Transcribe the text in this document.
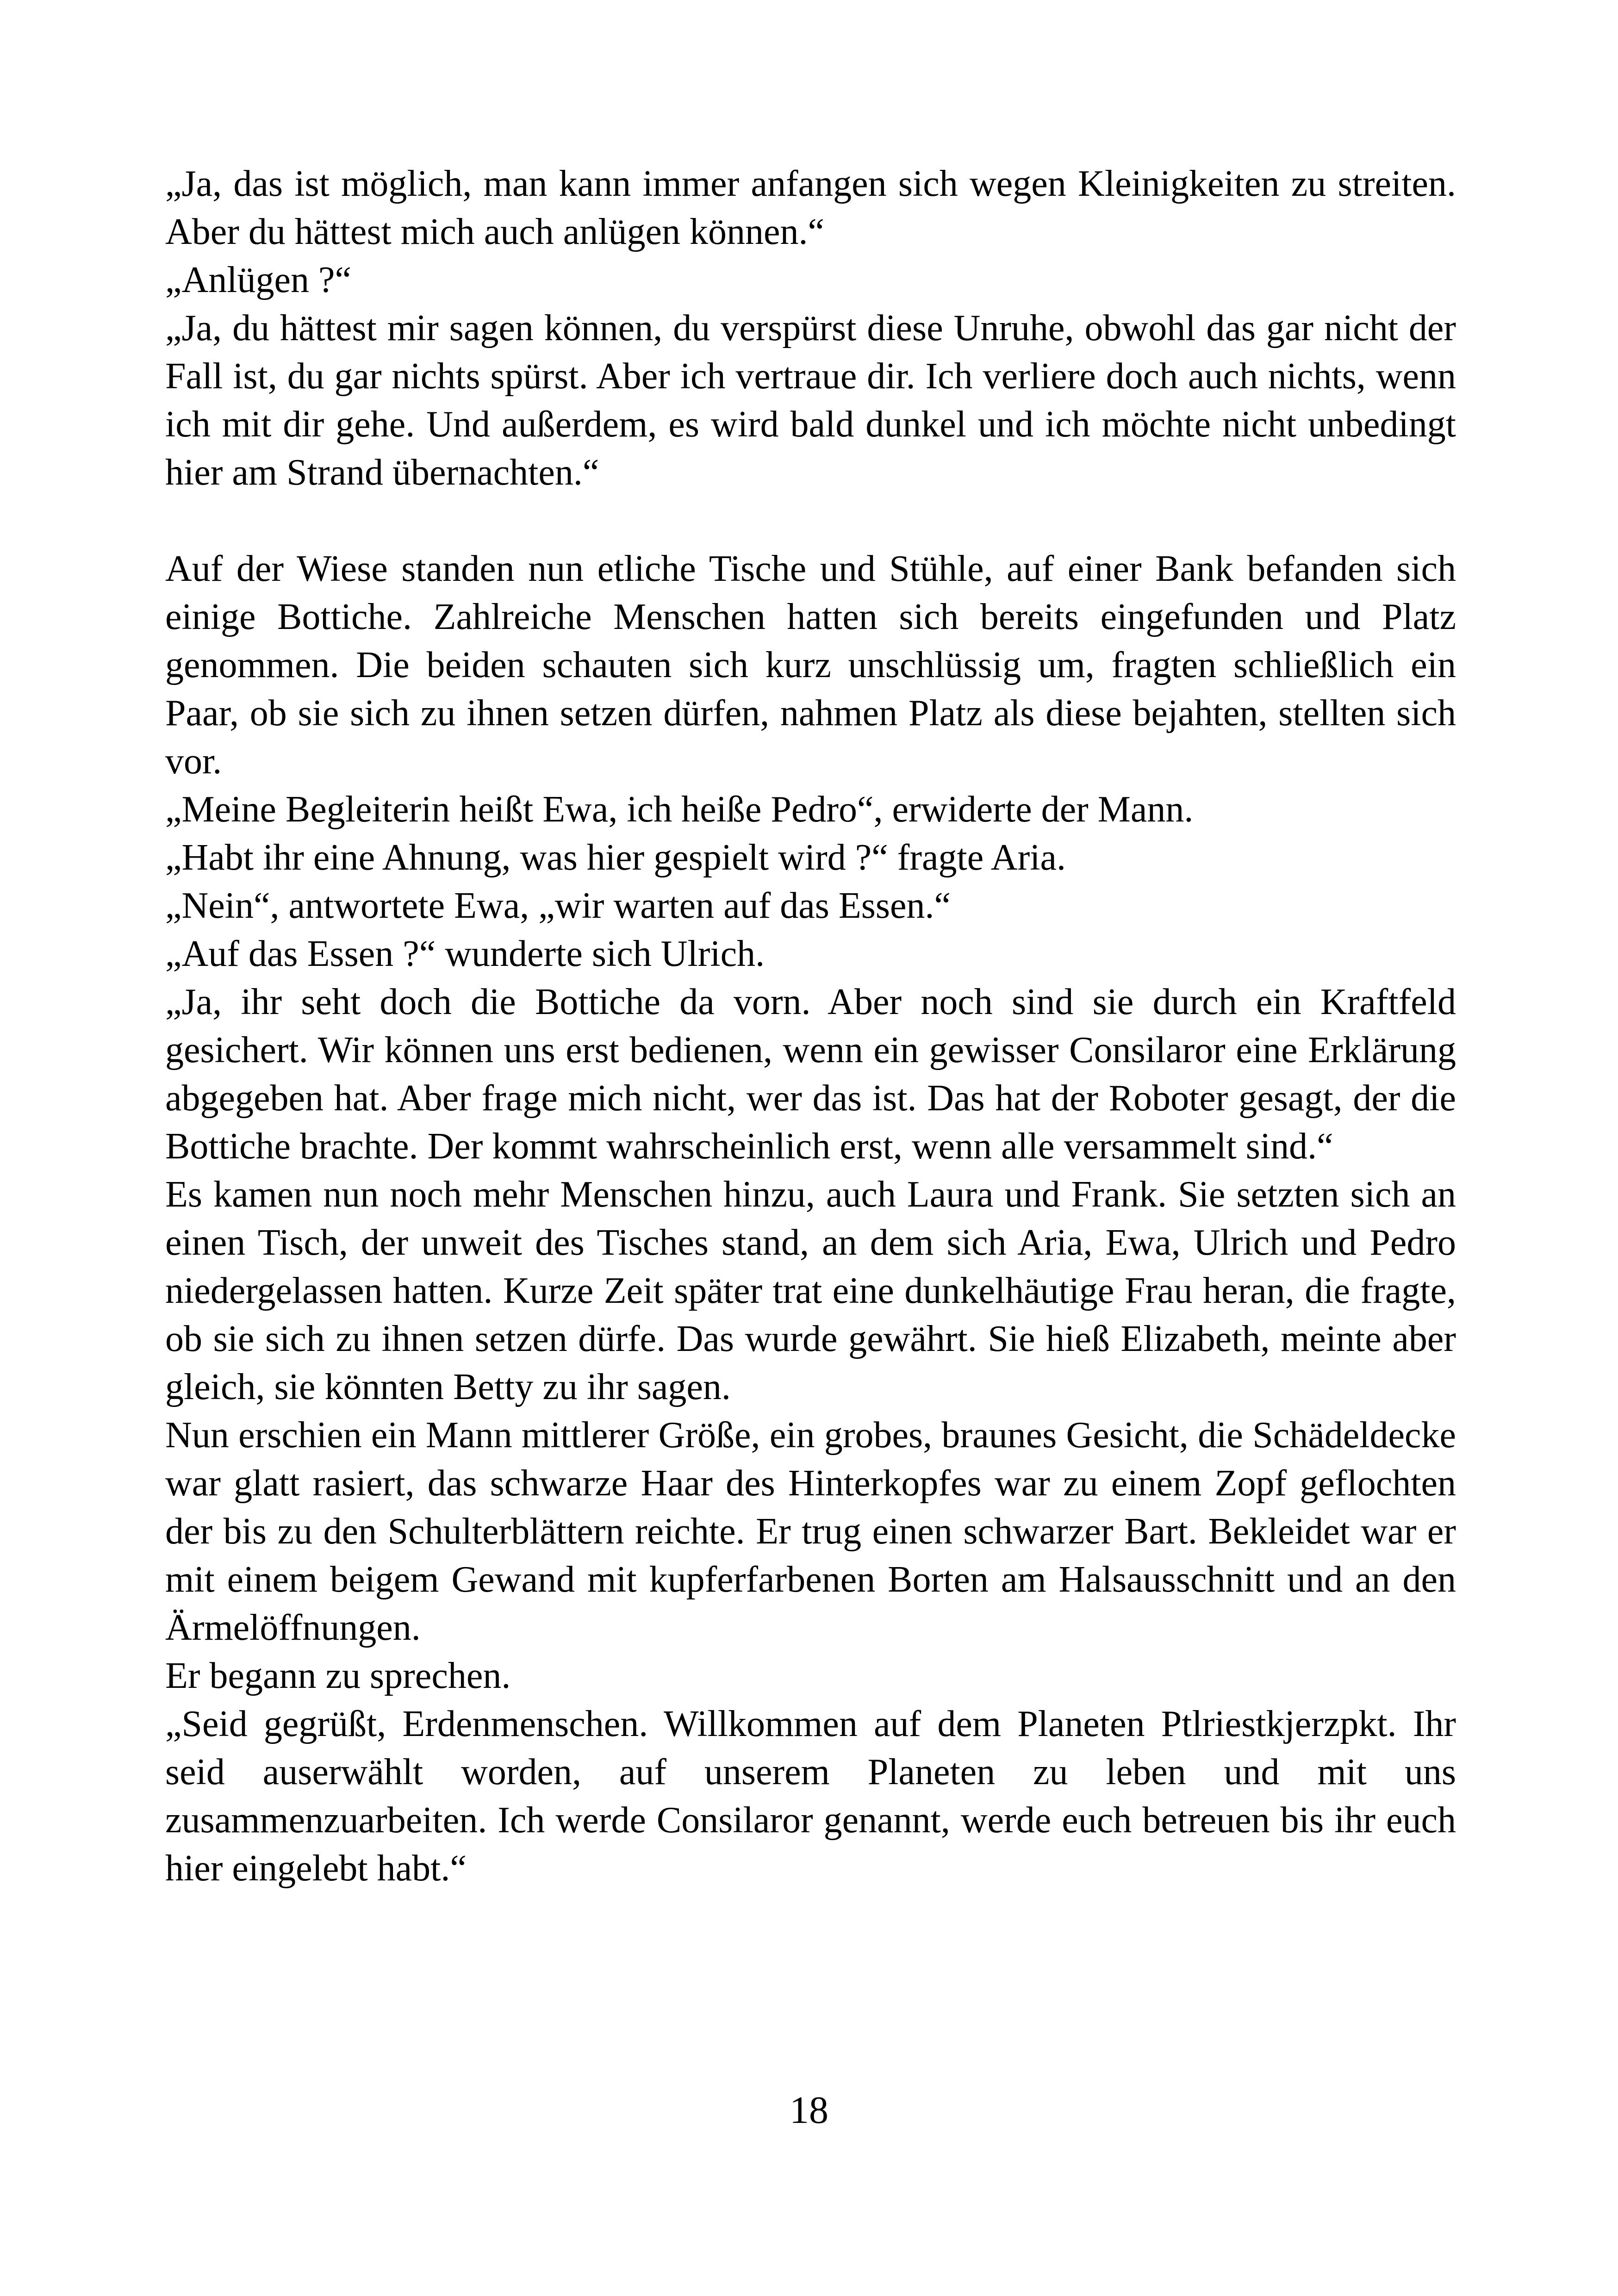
„Ja, das ist möglich, man kann immer anfangen sich wegen Kleinigkeiten zu streiten. Aber du hättest mich auch anlügen können.“

„Anlügen ?“

„Ja, du hättest mir sagen können, du verspürst diese Unruhe, obwohl das gar nicht der Fall ist, du gar nichts spürst. Aber ich vertraue dir. Ich verliere doch auch nichts, wenn ich mit dir gehe. Und außerdem, es wird bald dunkel und ich möchte nicht unbedingt hier am Strand übernachten.“

Auf der Wiese standen nun etliche Tische und Stühle, auf einer Bank befanden sich einige Bottiche. Zahlreiche Menschen hatten sich bereits eingefunden und Platz genommen. Die beiden schauten sich kurz unschlüssig um, fragten schließlich ein Paar, ob sie sich zu ihnen setzen dürfen, nahmen Platz als diese bejahten, stellten sich vor.

„Meine Begleiterin heißt Ewa, ich heiße Pedro“, erwiderte der Mann.

„Habt ihr eine Ahnung, was hier gespielt wird ?“ fragte Aria.

„Nein“, antwortete Ewa, „wir warten auf das Essen.“

„Auf das Essen ?“ wunderte sich Ulrich.

„Ja, ihr seht doch die Bottiche da vorn. Aber noch sind sie durch ein Kraftfeld gesichert. Wir können uns erst bedienen, wenn ein gewisser Consilaror eine Erklärung abgegeben hat. Aber frage mich nicht, wer das ist. Das hat der Roboter gesagt, der die Bottiche brachte. Der kommt wahrscheinlich erst, wenn alle versammelt sind.“

Es kamen nun noch mehr Menschen hinzu, auch Laura und Frank. Sie setzten sich an einen Tisch, der unweit des Tisches stand, an dem sich Aria, Ewa, Ulrich und Pedro niedergelassen hatten. Kurze Zeit später trat eine dunkelhäutige Frau heran, die fragte, ob sie sich zu ihnen setzen dürfe. Das wurde gewährt. Sie hieß Elizabeth, meinte aber gleich, sie könnten Betty zu ihr sagen.

Nun erschien ein Mann mittlerer Größe, ein grobes, braunes Gesicht, die Schädeldecke war glatt rasiert, das schwarze Haar des Hinterkopfes war zu einem Zopf geflochten der bis zu den Schulterblättern reichte. Er trug einen schwarzer Bart. Bekleidet war er mit einem beigem Gewand mit kupferfarbenen Borten am Halsausschnitt und an den Ärmelöffnungen.

Er begann zu sprechen.

„Seid gegrüßt, Erdenmenschen. Willkommen auf dem Planeten Ptlriestkjerzpkt. Ihr seid auserwählt worden, auf unserem Planeten zu leben und mit uns zusammenzuarbeiten. Ich werde Consilaror genannt, werde euch betreuen bis ihr euch hier eingelebt habt.“

18
